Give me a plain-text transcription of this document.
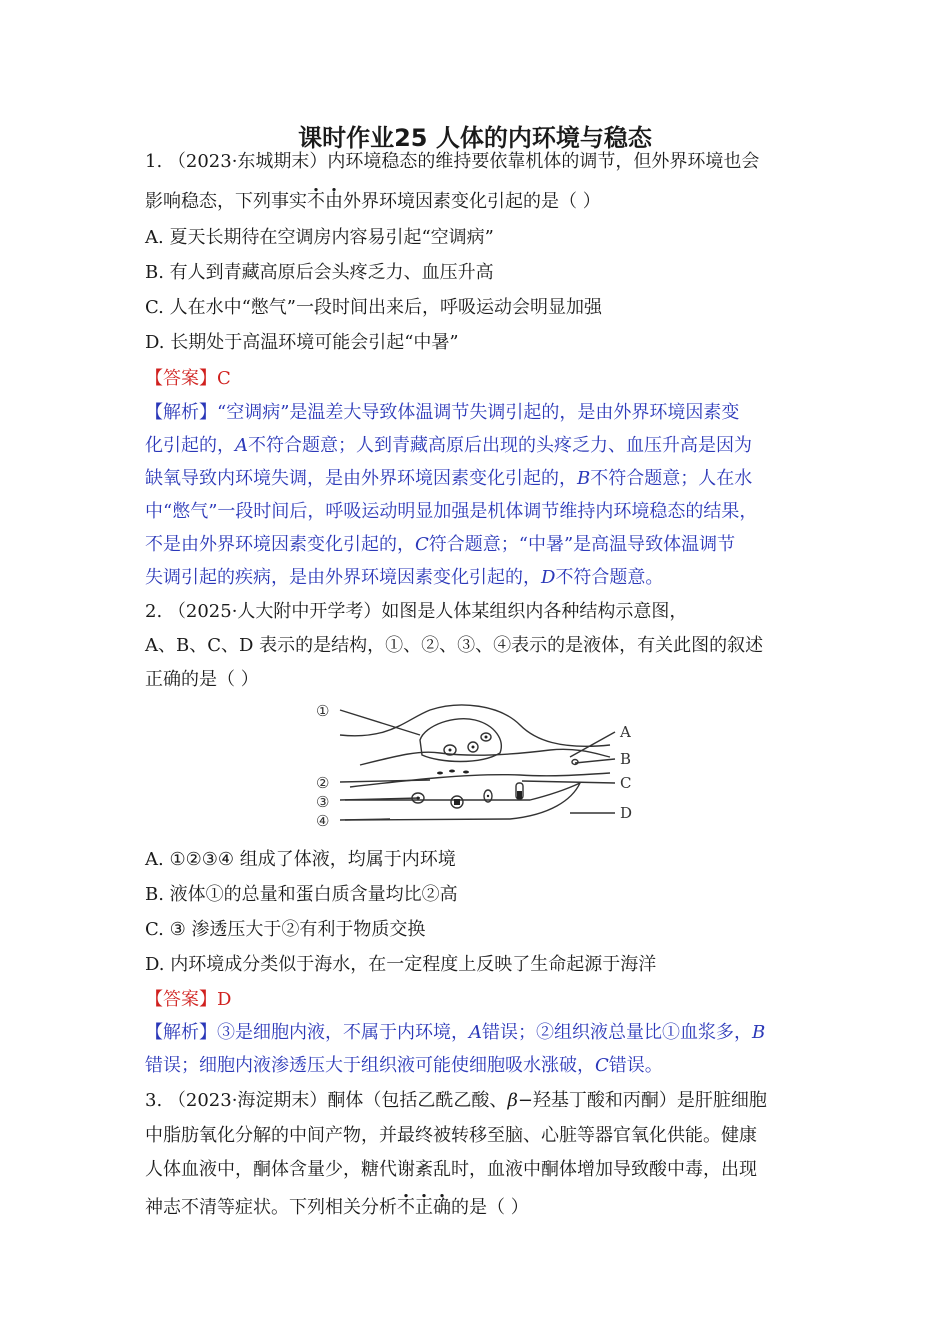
课时作业25 人体的内环境与稳态
1. （2023·东城期末）内环境稳态的维持要依靠机体的调节，但外界环境也会
影响稳态，下列事实不由外界环境因素变化引起的是（ ）
A. 夏天长期待在空调房内容易引起“空调病”
B. 有人到青藏高原后会头疼乏力、血压升高
C. 人在水中“憋气”一段时间出来后，呼吸运动会明显加强
D. 长期处于高温环境可能会引起“中暑”
【答案】C
【解析】“空调病”是温差大导致体温调节失调引起的，是由外界环境因素变
化引起的，A不符合题意；人到青藏高原后出现的头疼乏力、血压升高是因为
缺氧导致内环境失调，是由外界环境因素变化引起的，B不符合题意；人在水
中“憋气”一段时间后，呼吸运动明显加强是机体调节维持内环境稳态的结果，
不是由外界环境因素变化引起的，C符合题意；“中暑”是高温导致体温调节
失调引起的疾病，是由外界环境因素变化引起的，D不符合题意。
2. （2025·人大附中开学考）如图是人体某组织内各种结构示意图，
A、B、C、D 表示的是结构，①、②、③、④表示的是液体，有关此图的叙述
正确的是（ ）
①
②
③
④
A
B
C
D
A. ①②③④ 组成了体液，均属于内环境
B. 液体①的总量和蛋白质含量均比②高
C. ③ 渗透压大于②有利于物质交换
D. 内环境成分类似于海水，在一定程度上反映了生命起源于海洋
【答案】D
【解析】③是细胞内液，不属于内环境，A错误；②组织液总量比①血浆多，B
错误；细胞内液渗透压大于组织液可能使细胞吸水涨破，C错误。
3. （2023·海淀期末）酮体（包括乙酰乙酸、β−羟基丁酸和丙酮）是肝脏细胞
中脂肪氧化分解的中间产物，并最终被转移至脑、心脏等器官氧化供能。健康
人体血液中，酮体含量少，糖代谢紊乱时，血液中酮体增加导致酸中毒，出现
神志不清等症状。下列相关分析不正确的是（ ）
